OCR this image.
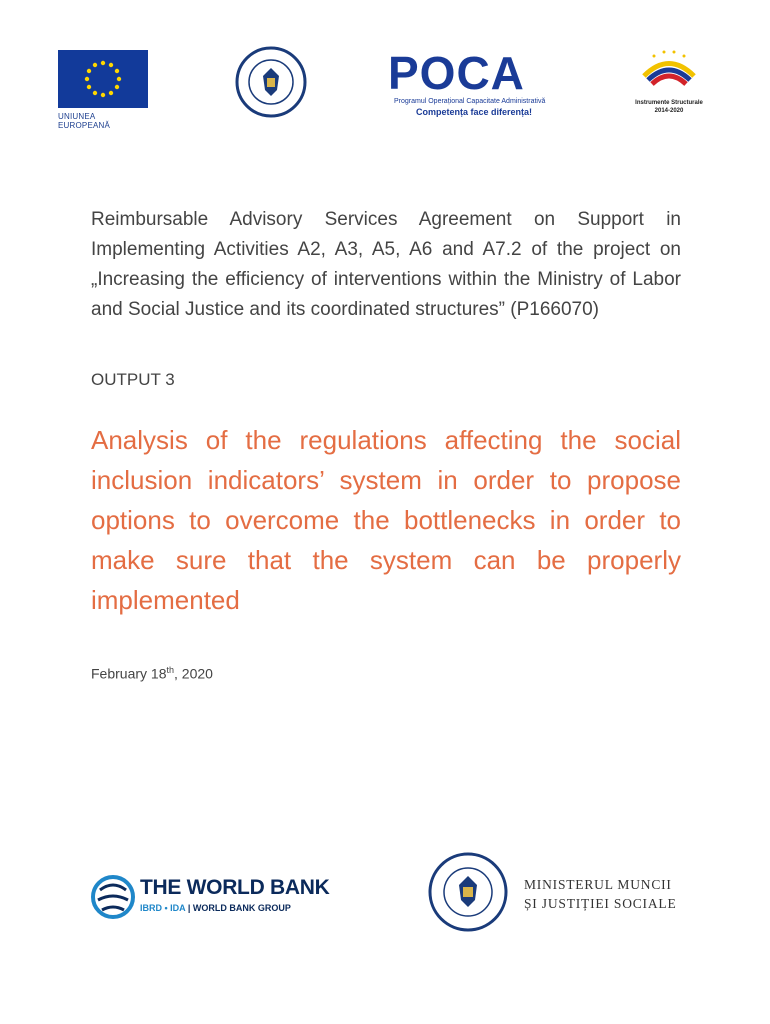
UNIUNEA EUROPEANĂ
POCA
Programul Operațional Capacitate Administrativă
Competența face diferența!
Instrumente Structurale
2014-2020
Reimbursable Advisory Services Agreement on Support in Implementing Activities A2, A3, A5, A6 and A7.2 of the project on „Increasing the efficiency of interventions within the Ministry of Labor and Social Justice and its coordinated structures” (P166070)
OUTPUT 3
Analysis of the regulations affecting the social inclusion indicators’ system in order to propose options to overcome the bottlenecks in order to make sure that the system can be properly implemented
February 18th, 2020
THE WORLD BANK
IBRD • IDA | WORLD BANK GROUP
MINISTERUL MUNCII
ȘI JUSTIȚIEI SOCIALE
